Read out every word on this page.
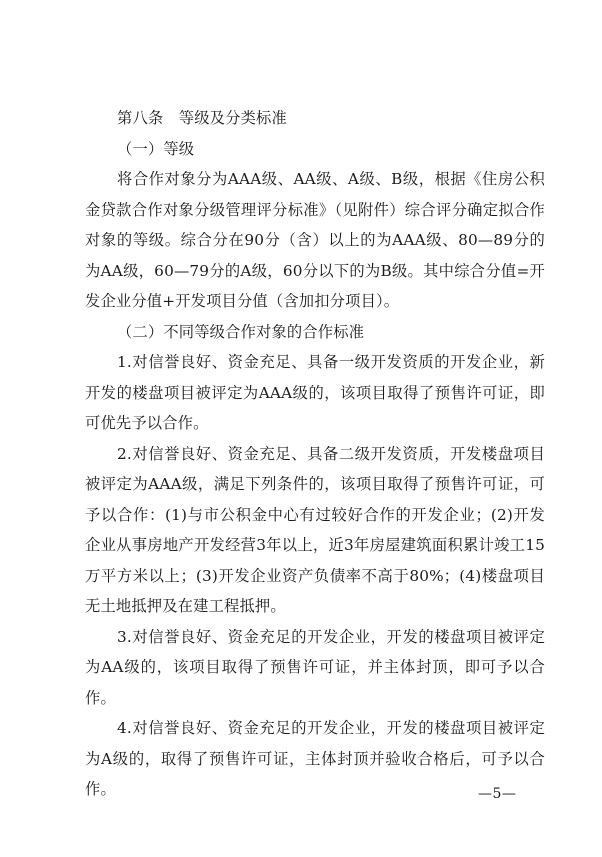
第八条　等级及分类标准

（一）等级

将合作对象分为AAA级、AA级、A级、B级，根据《住房公积金贷款合作对象分级管理评分标准》（见附件）综合评分确定拟合作对象的等级。综合分在90分（含）以上的为AAA级、80—89分的为AA级，60—79分的A级，60分以下的为B级。其中综合分值=开发企业分值+开发项目分值（含加扣分项目）。

（二）不同等级合作对象的合作标准

1.对信誉良好、资金充足、具备一级开发资质的开发企业，新开发的楼盘项目被评定为AAA级的，该项目取得了预售许可证，即可优先予以合作。

2.对信誉良好、资金充足、具备二级开发资质，开发楼盘项目被评定为AAA级，满足下列条件的，该项目取得了预售许可证，可予以合作：(1)与市公积金中心有过较好合作的开发企业；(2)开发企业从事房地产开发经营3年以上，近3年房屋建筑面积累计竣工15万平方米以上；(3)开发企业资产负债率不高于80%；(4)楼盘项目无土地抵押及在建工程抵押。

3.对信誉良好、资金充足的开发企业，开发的楼盘项目被评定为AA级的，该项目取得了预售许可证，并主体封顶，即可予以合作。

4.对信誉良好、资金充足的开发企业，开发的楼盘项目被评定为A级的，取得了预售许可证，主体封顶并验收合格后，可予以合作。	—5—
